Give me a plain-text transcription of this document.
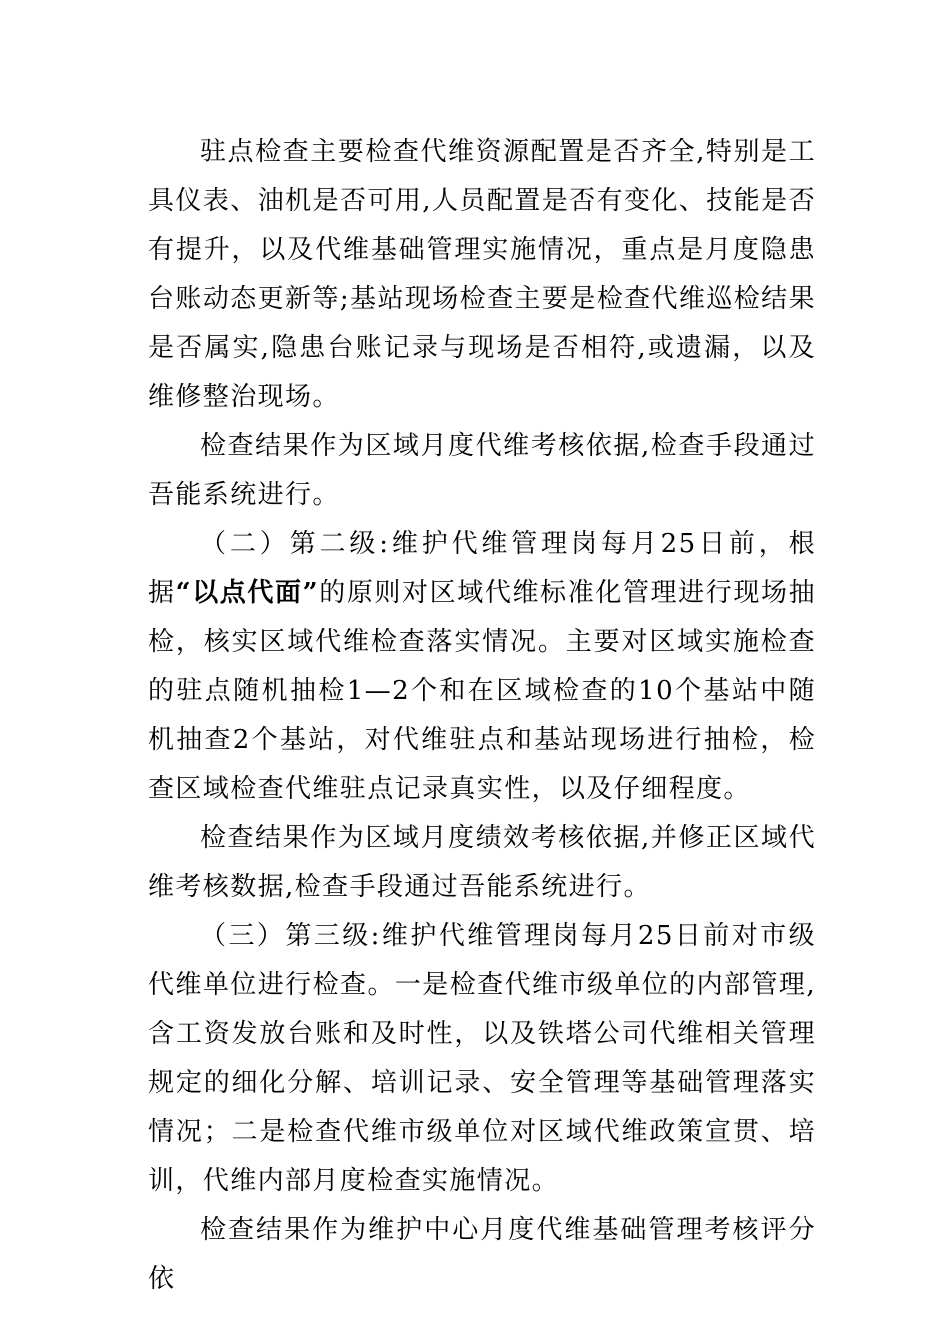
驻点检查主要检查代维资源配置是否齐全,特别是工具仪表、油机是否可用,人员配置是否有变化、技能是否有提升，以及代维基础管理实施情况，重点是月度隐患台账动态更新等;基站现场检查主要是检查代维巡检结果是否属实,隐患台账记录与现场是否相符,或遗漏，以及维修整治现场。

检查结果作为区域月度代维考核依据,检查手段通过吾能系统进行。

（二）第二级:维护代维管理岗每月25日前，根据“以点代面”的原则对区域代维标准化管理进行现场抽检，核实区域代维检查落实情况。主要对区域实施检查的驻点随机抽检1—2个和在区域检查的10个基站中随机抽查2个基站，对代维驻点和基站现场进行抽检，检查区域检查代维驻点记录真实性，以及仔细程度。

检查结果作为区域月度绩效考核依据,并修正区域代维考核数据,检查手段通过吾能系统进行。

（三）第三级:维护代维管理岗每月25日前对市级代维单位进行检查。一是检查代维市级单位的内部管理,含工资发放台账和及时性，以及铁塔公司代维相关管理规定的细化分解、培训记录、安全管理等基础管理落实情况；二是检查代维市级单位对区域代维政策宣贯、培训，代维内部月度检查实施情况。

检查结果作为维护中心月度代维基础管理考核评分依
